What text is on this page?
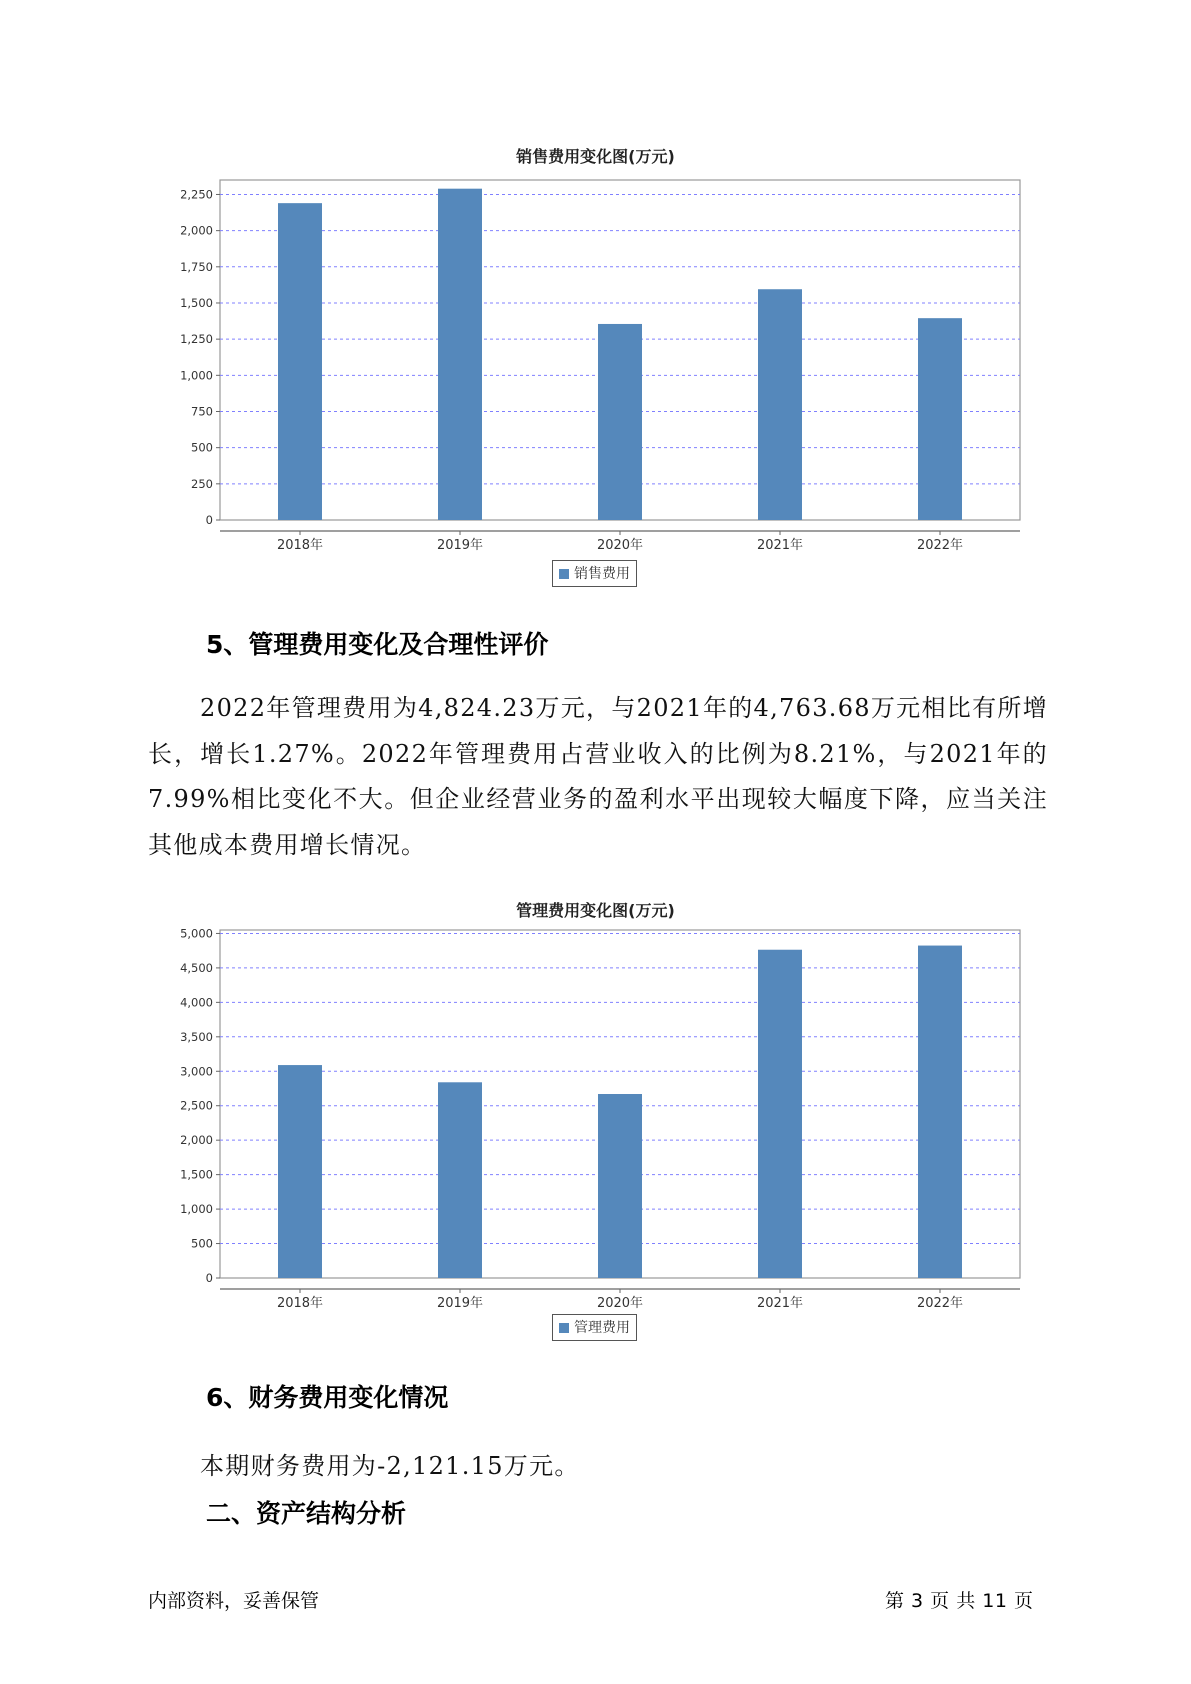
销售费用变化图(万元)
0
250
500
750
1,000
1,250
1,500
1,750
2,000
2,250
2018年	2019年	2020年	2021年	2022年
销售费用
5、管理费用变化及合理性评价
2022年管理费用为4,824.23万元，与2021年的4,763.68万元相比有所增长，增长1.27%。2022年管理费用占营业收入的比例为8.21%，与2021年的7.99%相比变化不大。但企业经营业务的盈利水平出现较大幅度下降，应当关注其他成本费用增长情况。
管理费用变化图(万元)
0
500
1,000
1,500
2,000
2,500
3,000
3,500
4,000
4,500
5,000
2018年	2019年	2020年	2021年	2022年
管理费用
6、财务费用变化情况
本期财务费用为-2,121.15万元。
二、资产结构分析
内部资料，妥善保管	第 3 页 共 11 页
